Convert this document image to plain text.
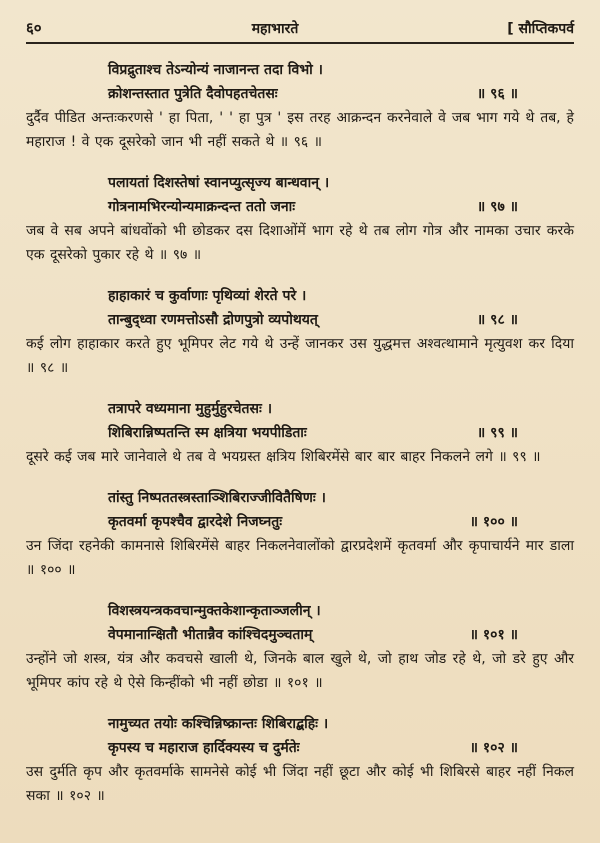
६०	महाभारते	[ सौप्तिकपर्व
विप्रद्रुताश्च तेऽन्योन्यं नाजानन्त तदा विभो ।
क्रोशन्तस्तात पुत्रेति दैवोपहतचेतसः	॥ ९६ ॥
दुर्दैव पीडित अन्तःकरणसे ' हा पिता, ' ' हा पुत्र ' इस तरह आक्रन्दन करनेवाले वे जब भाग गये थे तब, हे महाराज ! वे एक दूसरेको जान भी नहीं सकते थे ॥ ९६ ॥
पलायतां दिशस्तेषां स्वानप्युत्सृज्य बान्धवान् ।
गोत्रनामभिरन्योन्यमाक्रन्दन्त ततो जनाः	॥ ९७ ॥
जब वे सब अपने बांधवोंको भी छोडकर दस दिशाओंमें भाग रहे थे तब लोग गोत्र और नामका उचार करके एक दूसरेको पुकार रहे थे ॥ ९७ ॥
हाहाकारं च कुर्वाणाः पृथिव्यां शेरते परे ।
तान्बुद्ध्वा रणमत्तोऽसौ द्रोणपुत्रो व्यपोथयत्	॥ ९८ ॥
कई लोग हाहाकार करते हुए भूमिपर लेट गये थे उन्हें जानकर उस युद्धमत्त अश्वत्थामाने मृत्युवश कर दिया ॥ ९८ ॥
तत्रापरे वध्यमाना मुहुर्मुहुरचेतसः ।
शिबिरान्निष्पतन्ति स्म क्षत्रिया भयपीडिताः	॥ ९९ ॥
दूसरे कई जब मारे जानेवाले थे तब वे भयग्रस्त क्षत्रिय शिबिरमेंसे बार बार बाहर निकलने लगे ॥ ९९ ॥
तांस्तु निष्पततस्त्रस्ताञ्शिबिराज्जीवितैषिणः ।
कृतवर्मा कृपश्चैव द्वारदेशे निजघ्नतुः	॥ १०० ॥
उन जिंदा रहनेकी कामनासे शिबिरमेंसे बाहर निकलनेवालोंको द्वारप्रदेशमें कृतवर्मा और कृपाचार्यने मार डाला ॥ १०० ॥
विशस्त्रयन्त्रकवचान्मुक्तकेशान्कृताञ्जलीन् ।
वेपमानान्क्षितौ भीतान्नैव कांश्चिदमुञ्चताम्	॥ १०१ ॥
उन्होंने जो शस्त्र, यंत्र और कवचसे खाली थे, जिनके बाल खुले थे, जो हाथ जोड रहे थे, जो डरे हुए और भूमिपर कांप रहे थे ऐसे किन्हींको भी नहीं छोडा ॥ १०१ ॥
नामुच्यत तयोः कश्चिन्निष्क्रान्तः शिबिराद्बहिः ।
कृपस्य च महाराज हार्दिक्यस्य च दुर्मतेः	॥ १०२ ॥
उस दुर्मति कृप और कृतवर्माके सामनेसे कोई भी जिंदा नहीं छूटा और कोई भी शिबिरसे बाहर नहीं निकल सका ॥ १०२ ॥
